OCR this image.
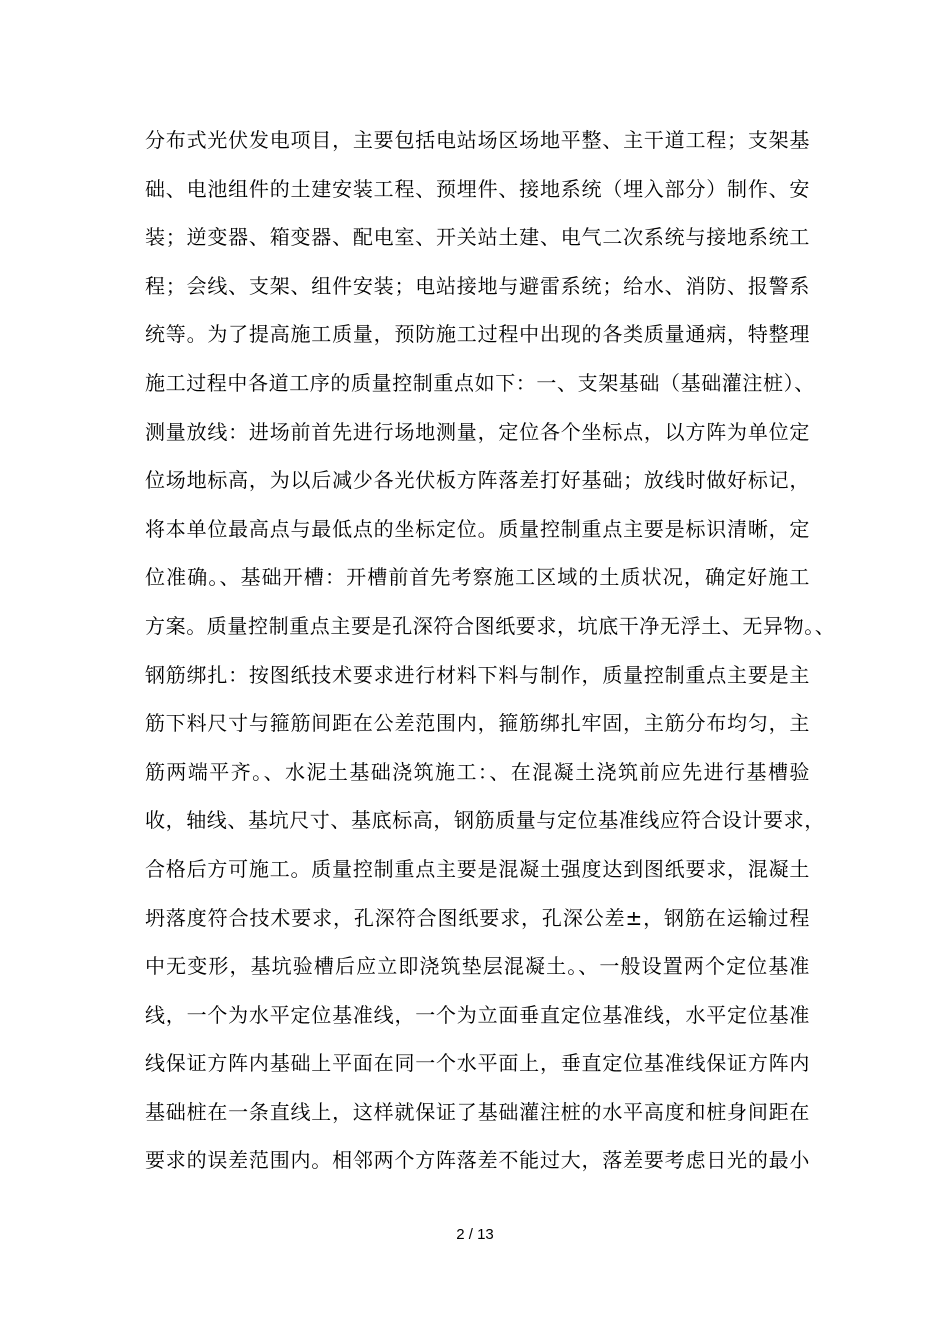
分布式光伏发电项目，主要包括电站场区场地平整、主干道工程；支架基
础、电池组件的土建安装工程、预埋件、接地系统（埋入部分）制作、安
装；逆变器、箱变器、配电室、开关站土建、电气二次系统与接地系统工
程；会线、支架、组件安装；电站接地与避雷系统；给水、消防、报警系
统等。为了提高施工质量，预防施工过程中出现的各类质量通病，特整理
施工过程中各道工序的质量控制重点如下：一、支架基础（基础灌注桩）、
测量放线：进场前首先进行场地测量，定位各个坐标点，以方阵为单位定
位场地标高，为以后减少各光伏板方阵落差打好基础；放线时做好标记，
将本单位最高点与最低点的坐标定位。质量控制重点主要是标识清晰，定
位准确。、基础开槽：开槽前首先考察施工区域的土质状况，确定好施工
方案。质量控制重点主要是孔深符合图纸要求，坑底干净无浮土、无异物。、
钢筋绑扎：按图纸技术要求进行材料下料与制作，质量控制重点主要是主
筋下料尺寸与箍筋间距在公差范围内，箍筋绑扎牢固，主筋分布均匀，主
筋两端平齐。、水泥土基础浇筑施工：、在混凝土浇筑前应先进行基槽验
收，轴线、基坑尺寸、基底标高，钢筋质量与定位基准线应符合设计要求，
合格后方可施工。质量控制重点主要是混凝土强度达到图纸要求，混凝土
坍落度符合技术要求，孔深符合图纸要求，孔深公差±，钢筋在运输过程
中无变形，基坑验槽后应立即浇筑垫层混凝土。、一般设置两个定位基准
线，一个为水平定位基准线，一个为立面垂直定位基准线，水平定位基准
线保证方阵内基础上平面在同一个水平面上，垂直定位基准线保证方阵内
基础桩在一条直线上，这样就保证了基础灌注桩的水平高度和桩身间距在
要求的误差范围内。相邻两个方阵落差不能过大，落差要考虑日光的最小
2 / 13
